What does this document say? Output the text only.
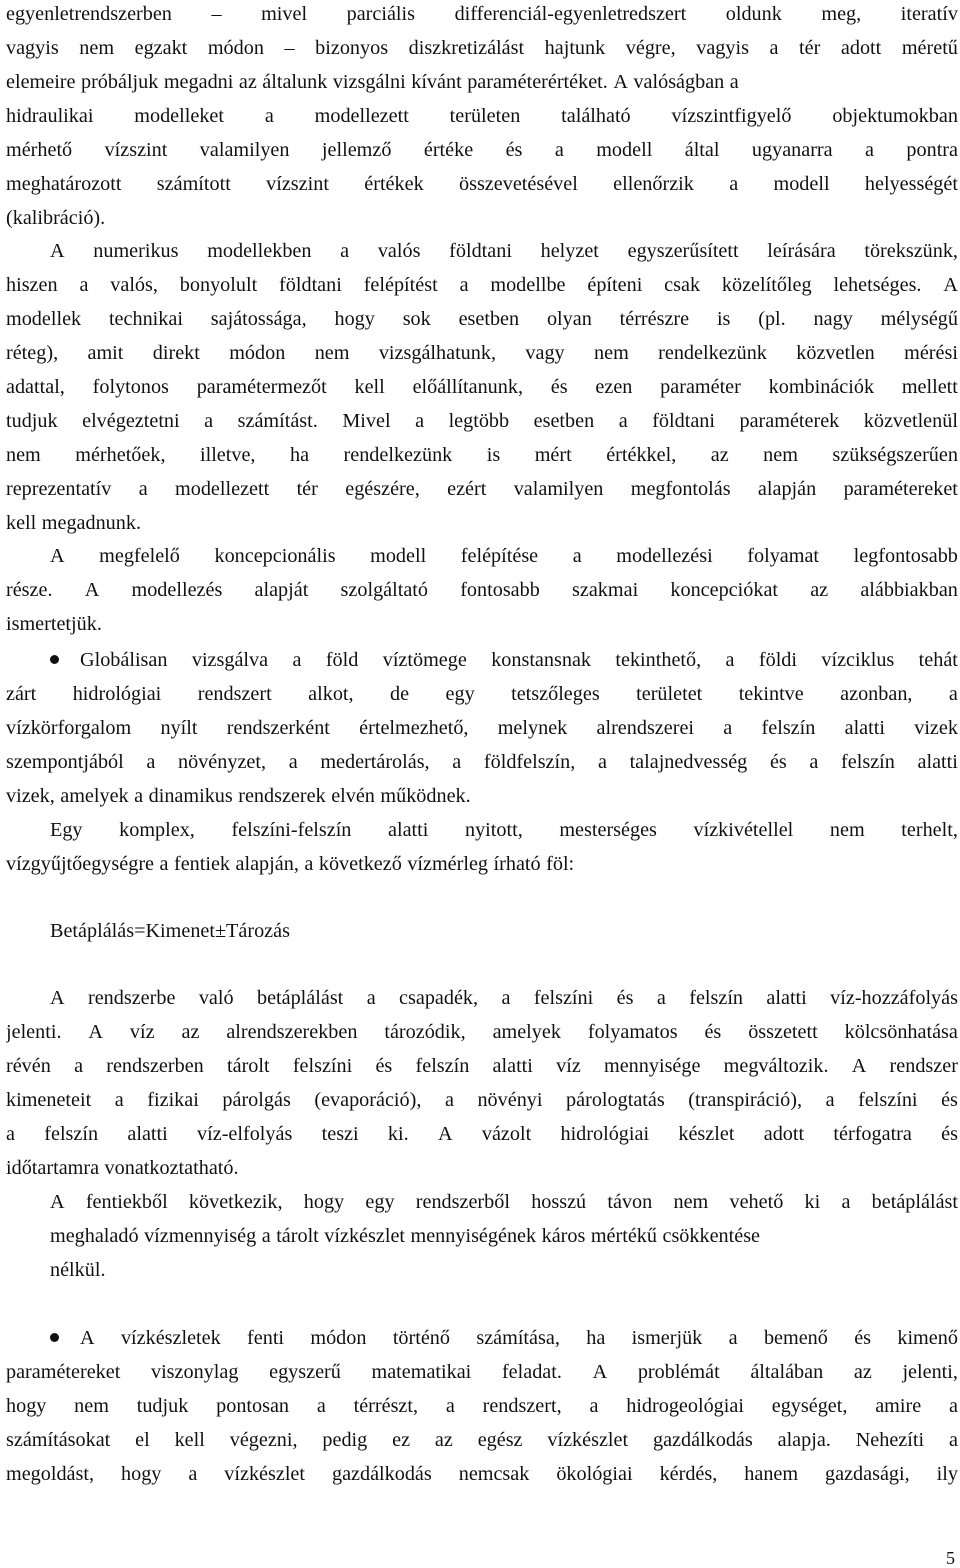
egyenletrendszerben – mivel parciális differenciál-egyenletredszert oldunk meg, iteratív
vagyis nem egzakt módon – bizonyos diszkretizálást hajtunk végre, vagyis a tér adott méretű
elemeire próbáljuk megadni az általunk vizsgálni kívánt paraméterértéket. A valóságban a
hidraulikai modelleket a modellezett területen található vízszintfigyelő objektumokban
mérhető vízszint valamilyen jellemző értéke és a modell által ugyanarra a pontra
meghatározott számított vízszint értékek összevetésével ellenőrzik a modell helyességét
(kalibráció).
A numerikus modellekben a valós földtani helyzet egyszerűsített leírására törekszünk,
hiszen a valós, bonyolult földtani felépítést a modellbe építeni csak közelítőleg lehetséges. A
modellek technikai sajátossága, hogy sok esetben olyan térrészre is (pl. nagy mélységű
réteg), amit direkt módon nem vizsgálhatunk, vagy nem rendelkezünk közvetlen mérési
adattal, folytonos paramétermezőt kell előállítanunk, és ezen paraméter kombinációk mellett
tudjuk elvégeztetni a számítást. Mivel a legtöbb esetben a földtani paraméterek közvetlenül
nem mérhetőek, illetve, ha rendelkezünk is mért értékkel, az nem szükségszerűen
reprezentatív a modellezett tér egészére, ezért valamilyen megfontolás alapján paramétereket
kell megadnunk.
A megfelelő koncepcionális modell felépítése a modellezési folyamat legfontosabb
része. A modellezés alapját szolgáltató fontosabb szakmai koncepciókat az alábbiakban
ismertetjük.
Globálisan vizsgálva a föld víztömege konstansnak tekinthető, a földi vízciklus tehát
zárt hidrológiai rendszert alkot, de egy tetszőleges területet tekintve azonban, a
vízkörforgalom nyílt rendszerként értelmezhető, melynek alrendszerei a felszín alatti vizek
szempontjából a növényzet, a medertárolás, a földfelszín, a talajnedvesség és a felszín alatti
vizek, amelyek a dinamikus rendszerek elvén működnek.
Egy komplex, felszíni-felszín alatti nyitott, mesterséges vízkivétellel nem terhelt,
vízgyűjtőegységre a fentiek alapján, a következő vízmérleg írható föl:
Betáplálás=Kimenet±Tározás
A rendszerbe való betáplálást a csapadék, a felszíni és a felszín alatti víz-hozzáfolyás
jelenti. A víz az alrendszerekben tározódik, amelyek folyamatos és összetett kölcsönhatása
révén a rendszerben tárolt felszíni és felszín alatti víz mennyisége megváltozik. A rendszer
kimeneteit a fizikai párolgás (evaporáció), a növényi párologtatás (transpiráció), a felszíni és
a felszín alatti víz-elfolyás teszi ki. A vázolt hidrológiai készlet adott térfogatra és
időtartamra vonatkoztatható.
A fentiekből következik, hogy egy rendszerből hosszú távon nem vehető ki a betáplálást
meghaladó vízmennyiség a tárolt vízkészlet mennyiségének káros mértékű csökkentése
nélkül.
A vízkészletek fenti módon történő számítása, ha ismerjük a bemenő és kimenő
paramétereket viszonylag egyszerű matematikai feladat. A problémát általában az jelenti,
hogy nem tudjuk pontosan a térrészt, a rendszert, a hidrogeológiai egységet, amire a
számításokat el kell végezni, pedig ez az egész vízkészlet gazdálkodás alapja. Nehezíti a
megoldást, hogy a vízkészlet gazdálkodás nemcsak ökológiai kérdés, hanem gazdasági, ily
5
